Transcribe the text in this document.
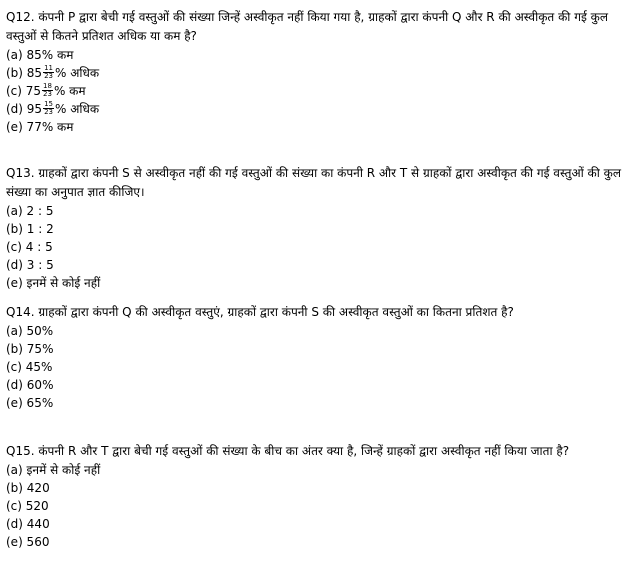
Q12. कंपनी P द्वारा बेची गई वस्तुओं की संख्या जिन्हें अस्वीकृत नहीं किया गया है, ग्राहकों द्वारा कंपनी Q और R की अस्वीकृत की गई कुल वस्तुओं से कितने प्रतिशत अधिक या कम है?

(a) 85% कम

(b) $85 \frac{11}{23}$ % अधिक

(c) $75 \frac{18}{23}$ % कम

(d) $95 \frac{15}{23}$ % अधिक

(e) 77% कम

Q13. ग्राहकों द्वारा कंपनी S से अस्वीकृत नहीं की गई वस्तुओं की संख्या का कंपनी R और T से ग्राहकों द्वारा अस्वीकृत की गई वस्तुओं की कुल संख्या का अनुपात ज्ञात कीजिए।

(a) 2 : 5

(b) 1 : 2

(c) 4 : 5

(d) 3 : 5

(e) इनमें से कोई नहीं

Q14. ग्राहकों द्वारा कंपनी Q की अस्वीकृत वस्तुएं, ग्राहकों द्वारा कंपनी S की अस्वीकृत वस्तुओं का कितना प्रतिशत है?

(a) 50%

(b) 75%

(c) 45%

(d) 60%

(e) 65%

Q15. कंपनी R और T द्वारा बेची गई वस्तुओं की संख्या के बीच का अंतर क्या है, जिन्हें ग्राहकों द्वारा अस्वीकृत नहीं किया जाता है?

(a) इनमें से कोई नहीं

(b) 420

(c) 520

(d) 440

(e) 560
